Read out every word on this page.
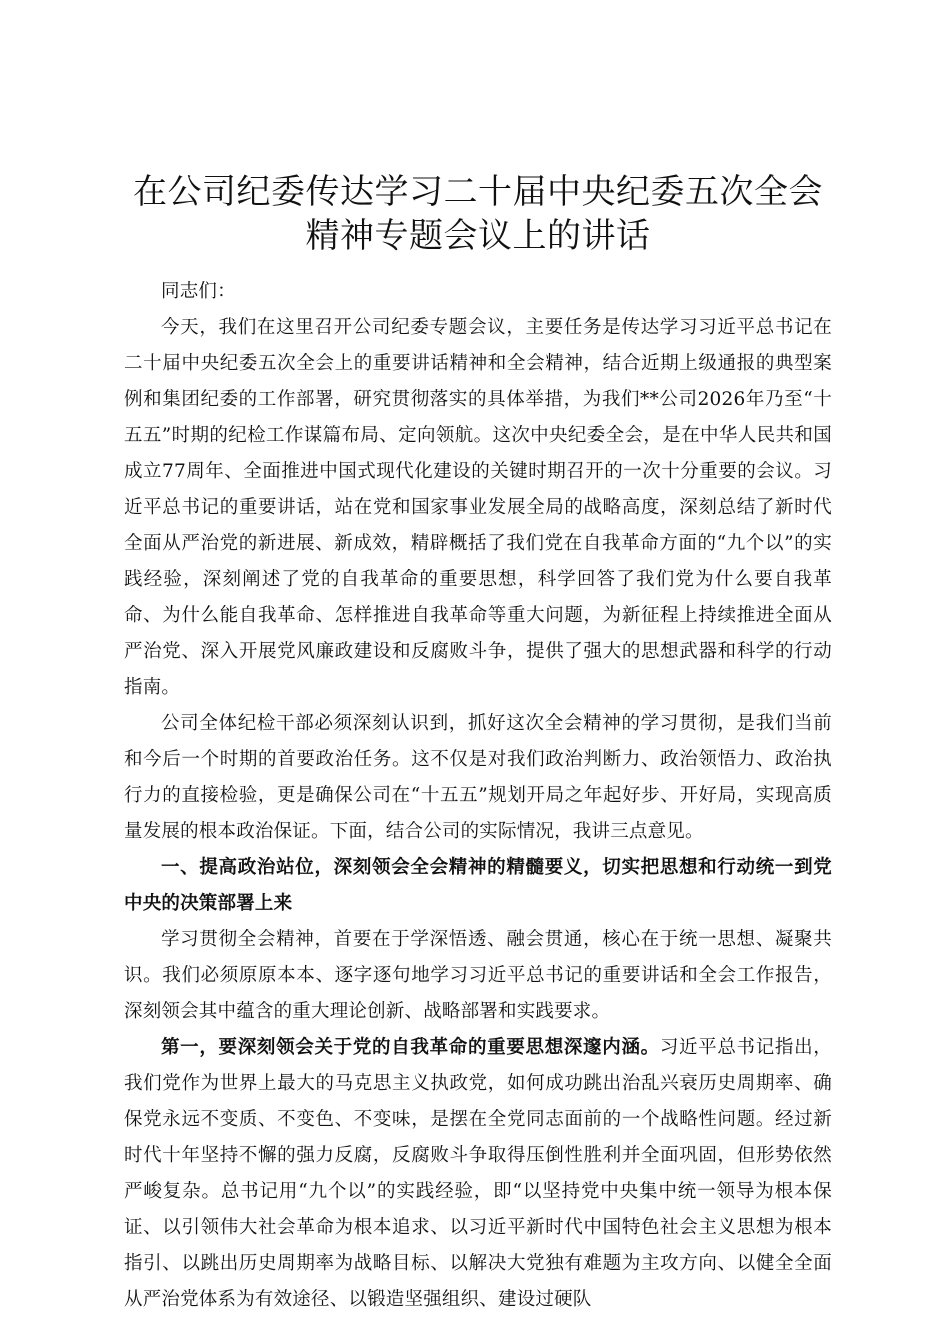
在公司纪委传达学习二十届中央纪委五次全会
精神专题会议上的讲话

同志们：

今天，我们在这里召开公司纪委专题会议，主要任务是传达学习习近平总书记在二十届中央纪委五次全会上的重要讲话精神和全会精神，结合近期上级通报的典型案例和集团纪委的工作部署，研究贯彻落实的具体举措，为我们**公司2026年乃至“十五五”时期的纪检工作谋篇布局、定向领航。这次中央纪委全会，是在中华人民共和国成立77周年、全面推进中国式现代化建设的关键时期召开的一次十分重要的会议。习近平总书记的重要讲话，站在党和国家事业发展全局的战略高度，深刻总结了新时代全面从严治党的新进展、新成效，精辟概括了我们党在自我革命方面的“九个以”的实践经验，深刻阐述了党的自我革命的重要思想，科学回答了我们党为什么要自我革命、为什么能自我革命、怎样推进自我革命等重大问题，为新征程上持续推进全面从严治党、深入开展党风廉政建设和反腐败斗争，提供了强大的思想武器和科学的行动指南。

公司全体纪检干部必须深刻认识到，抓好这次全会精神的学习贯彻，是我们当前和今后一个时期的首要政治任务。这不仅是对我们政治判断力、政治领悟力、政治执行力的直接检验，更是确保公司在“十五五”规划开局之年起好步、开好局，实现高质量发展的根本政治保证。下面，结合公司的实际情况，我讲三点意见。

一、提高政治站位，深刻领会全会精神的精髓要义，切实把思想和行动统一到党中央的决策部署上来

学习贯彻全会精神，首要在于学深悟透、融会贯通，核心在于统一思想、凝聚共识。我们必须原原本本、逐字逐句地学习习近平总书记的重要讲话和全会工作报告，深刻领会其中蕴含的重大理论创新、战略部署和实践要求。

第一，要深刻领会关于党的自我革命的重要思想深邃内涵。习近平总书记指出，我们党作为世界上最大的马克思主义执政党，如何成功跳出治乱兴衰历史周期率、确保党永远不变质、不变色、不变味，是摆在全党同志面前的一个战略性问题。经过新时代十年坚持不懈的强力反腐，反腐败斗争取得压倒性胜利并全面巩固，但形势依然严峻复杂。总书记用“九个以”的实践经验，即“以坚持党中央集中统一领导为根本保证、以引领伟大社会革命为根本追求、以习近平新时代中国特色社会主义思想为根本指引、以跳出历史周期率为战略目标、以解决大党独有难题为主攻方向、以健全全面从严治党体系为有效途径、以锻造坚强组织、建设过硬队
